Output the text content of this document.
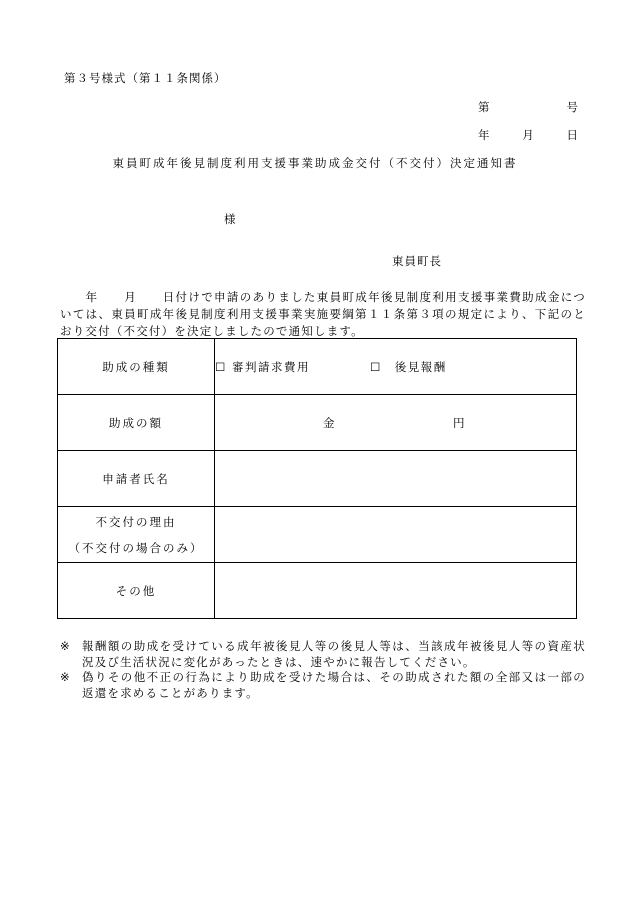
第３号様式（第１１条関係）
第	号
年	月	日
東員町成年後見制度利用支援事業助成金交付（不交付）決定通知書
様
東員町長
　　年　　月　　日付けで申請のありました東員町成年後見制度利用支援事業費助成金については、東員町成年後見制度利用支援事業実施要綱第１１条第３項の規定により、下記のとおり交付（不交付）を決定しましたので通知します。
助成の種類	☐ 審判請求費用 ☐　後見報酬
助成の額	金 円

申請者氏名	

不交付の理由
（不交付の場合のみ）	

その他	
※ 報酬額の助成を受けている成年被後見人等の後見人等は、当該成年被後見人等の資産状況及び生活状況に変化があったときは、速やかに報告してください。
※ 偽りその他不正の行為により助成を受けた場合は、その助成された額の全部又は一部の返還を求めることがあります。
